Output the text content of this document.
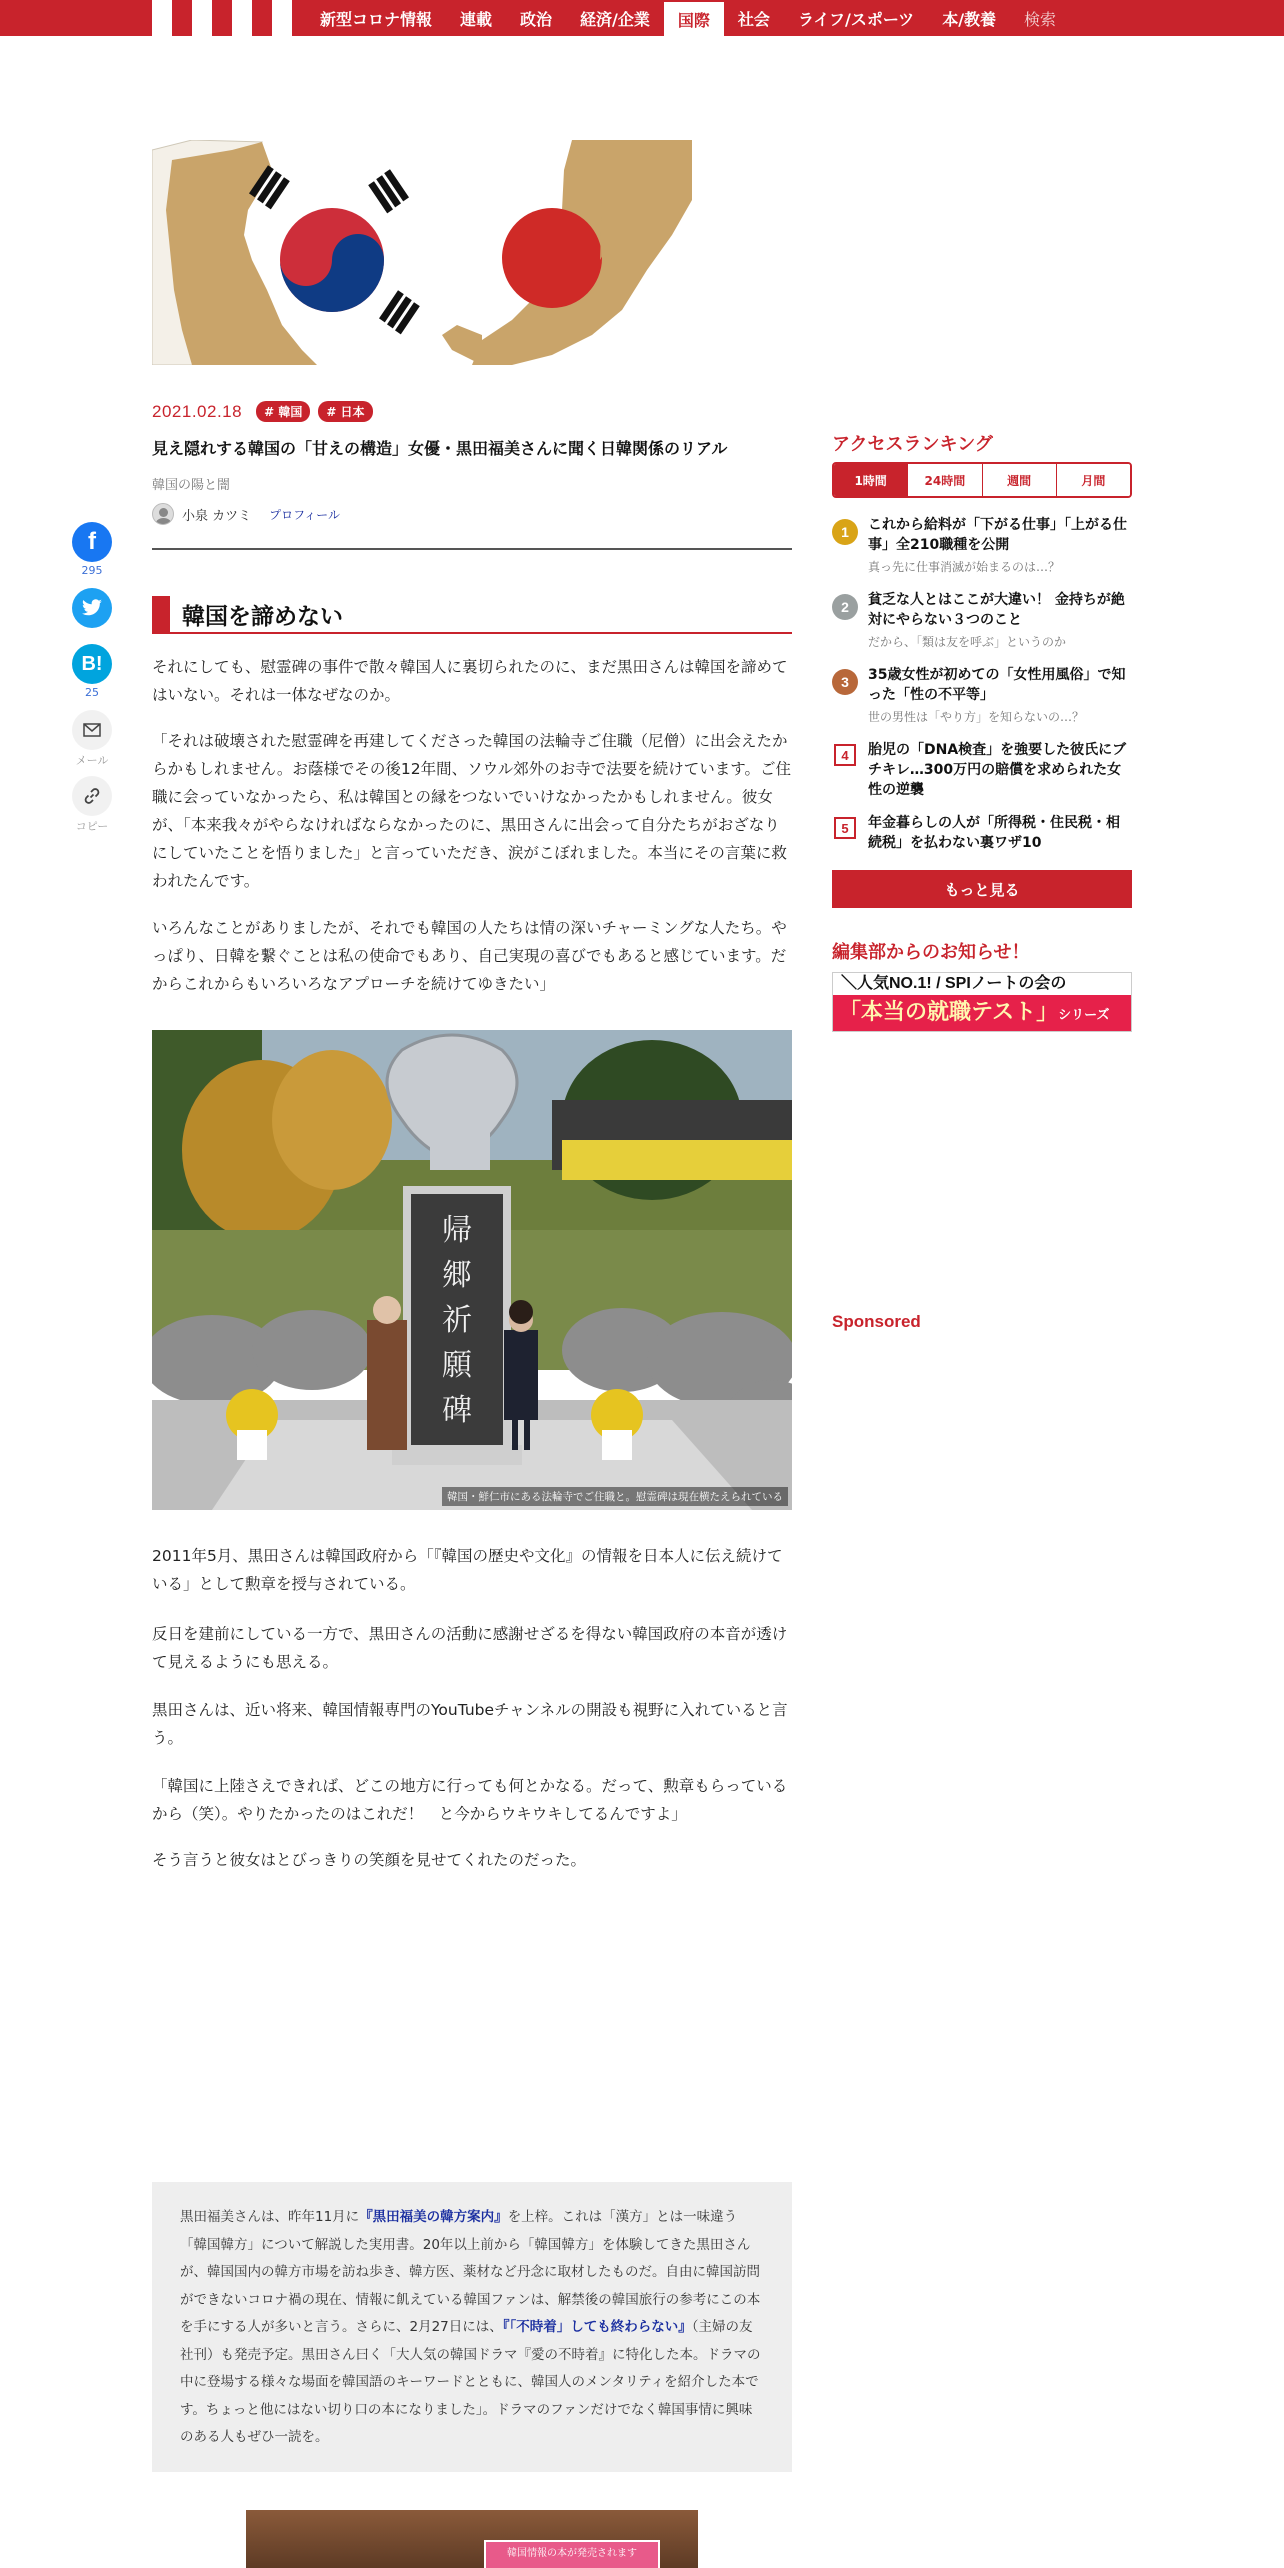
新型コロナ情報	連載	政治	経済/企業	国際	社会	ライフ/スポーツ	本/教養	検索
2021.02.18	# 韓国	# 日本
見え隠れする韓国の「甘えの構造」女優・黒田福美さんに聞く日韓関係のリアル
韓国の陽と闇
小泉 カツミ プロフィール
f
295
B!
25
メール
コピー
韓国を諦めない

それにしても、慰霊碑の事件で散々韓国人に裏切られたのに、まだ黒田さんは韓国を諦めてはいない。それは一体なぜなのか。

「それは破壊された慰霊碑を再建してくださった韓国の法輪寺ご住職（尼僧）に出会えたからかもしれません。お蔭様でその後12年間、ソウル郊外のお寺で法要を続けています。ご住職に会っていなかったら、私は韓国との縁をつないでいけなかったかもしれません。彼女が、「本来我々がやらなければならなかったのに、黒田さんに出会って自分たちがおざなりにしていたことを悟りました」と言っていただき、涙がこぼれました。本当にその言葉に救われたんです。

いろんなことがありましたが、それでも韓国の人たちは情の深いチャーミングな人たち。やっぱり、日韓を繋ぐことは私の使命でもあり、自己実現の喜びでもあると感じています。だからこれからもいろいろなアプローチを続けてゆきたい」

帰
郷
祈
願
碑
韓国・鮮仁市にある法輪寺でご住職と。慰霊碑は現在横たえられている

2011年5月、黒田さんは韓国政府から「『韓国の歴史や文化』の情報を日本人に伝え続けている」として勲章を授与されている。

反日を建前にしている一方で、黒田さんの活動に感謝せざるを得ない韓国政府の本音が透けて見えるようにも思える。

黒田さんは、近い将来、韓国情報専門のYouTubeチャンネルの開設も視野に入れていると言う。

「韓国に上陸さえできれば、どこの地方に行っても何とかなる。だって、勲章もらっているから（笑）。やりたかったのはこれだ！　と今からウキウキしてるんですよ」

そう言うと彼女はとびっきりの笑顔を見せてくれたのだった。

黒田福美さんは、昨年11月に『黒田福美の韓方案内』を上梓。これは「漢方」とは一味違う「韓国韓方」について解説した実用書。20年以上前から「韓国韓方」を体験してきた黒田さんが、韓国国内の韓方市場を訪ね歩き、韓方医、薬材など丹念に取材したものだ。自由に韓国訪問ができないコロナ禍の現在、情報に飢えている韓国ファンは、解禁後の韓国旅行の参考にこの本を手にする人が多いと言う。さらに、2月27日には、『「不時着」しても終わらない』（主婦の友社刊）も発売予定。黒田さん曰く「大人気の韓国ドラマ『愛の不時着』に特化した本。ドラマの中に登場する様々な場面を韓国語のキーワードとともに、韓国人のメンタリティを紹介した本です。ちょっと他にはない切り口の本になりました」。ドラマのファンだけでなく韓国事情に興味のある人もぜひ一読を。
韓国情報の本が発売されます
アクセスランキング
1時間	24時間	週間	月間
1	これから給料が「下がる仕事」「上がる仕事」全210職種を公開
真っ先に仕事消滅が始まるのは…？
2	貧乏な人とはここが大違い！ 金持ちが絶対にやらない３つのこと
だから、「類は友を呼ぶ」というのか
3	35歳女性が初めての「女性用風俗」で知った「性の不平等」
世の男性は「やり方」を知らないの…？
4	胎児の「DNA検査」を強要した彼氏にブチキレ…300万円の賠償を求められた女性の逆襲
5	年金暮らしの人が「所得税・住民税・相続税」を払わない裏ワザ10
もっと見る
編集部からのお知らせ！
＼人気NO.1! / SPIノートの会の
「本当の就職テスト」シリーズ
Sponsored
